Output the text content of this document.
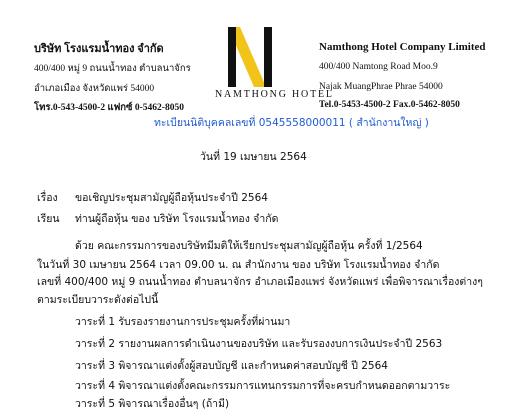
บริษัท โรงแรมน้ำทอง จำกัด
400/400 หมู่ 9 ถนนน้ำทอง ตำบลนาจักร
อำเภอเมือง จังหวัดแพร่ 54000
โทร.0-543-4500-2 แฟกซ์ 0-5462-8050
NAMTHONG HOTEL
Namthong Hotel Company Limited
400/400 Namtong Road Moo.9
Najak MuangPhrae Phrae 54000
Tel.0-5453-4500-2 Fax.0-5462-8050
ทะเบียนนิติบุคคลเลขที่ 0545558000011 ( สำนักงานใหญ่ )
วันที่ 19 เมษายน 2564
เรื่อง ขอเชิญประชุมสามัญผู้ถือหุ้นประจำปี 2564
เรียน ท่านผู้ถือหุ้น ของ บริษัท โรงแรมน้ำทอง จำกัด
ด้วย คณะกรรมการของบริษัทมีมติให้เรียกประชุมสามัญผู้ถือหุ้น ครั้งที่ 1/2564
ในวันที่ 30 เมษายน 2564 เวลา 09.00 น. ณ สำนักงาน ของ บริษัท โรงแรมน้ำทอง จำกัด
เลขที่ 400/400 หมู่ 9 ถนนน้ำทอง ตำบลนาจักร อำเภอเมืองแพร่ จังหวัดแพร่ เพื่อพิจารณาเรื่องต่างๆ
ตามระเบียบวาระดังต่อไปนี้
วาระที่ 1 รับรองรายงานการประชุมครั้งที่ผ่านมา
วาระที่ 2 รายงานผลการดำเนินงานของบริษัท และรับรองงบการเงินประจำปี 2563
วาระที่ 3 พิจารณาแต่งตั้งผู้สอบบัญชี และกำหนดค่าสอบบัญชี ปี 2564
วาระที่ 4 พิจารณาแต่งตั้งคณะกรรมการแทนกรรมการที่จะครบกำหนดออกตามวาระ
วาระที่ 5 พิจารณาเรื่องอื่นๆ (ถ้ามี)
